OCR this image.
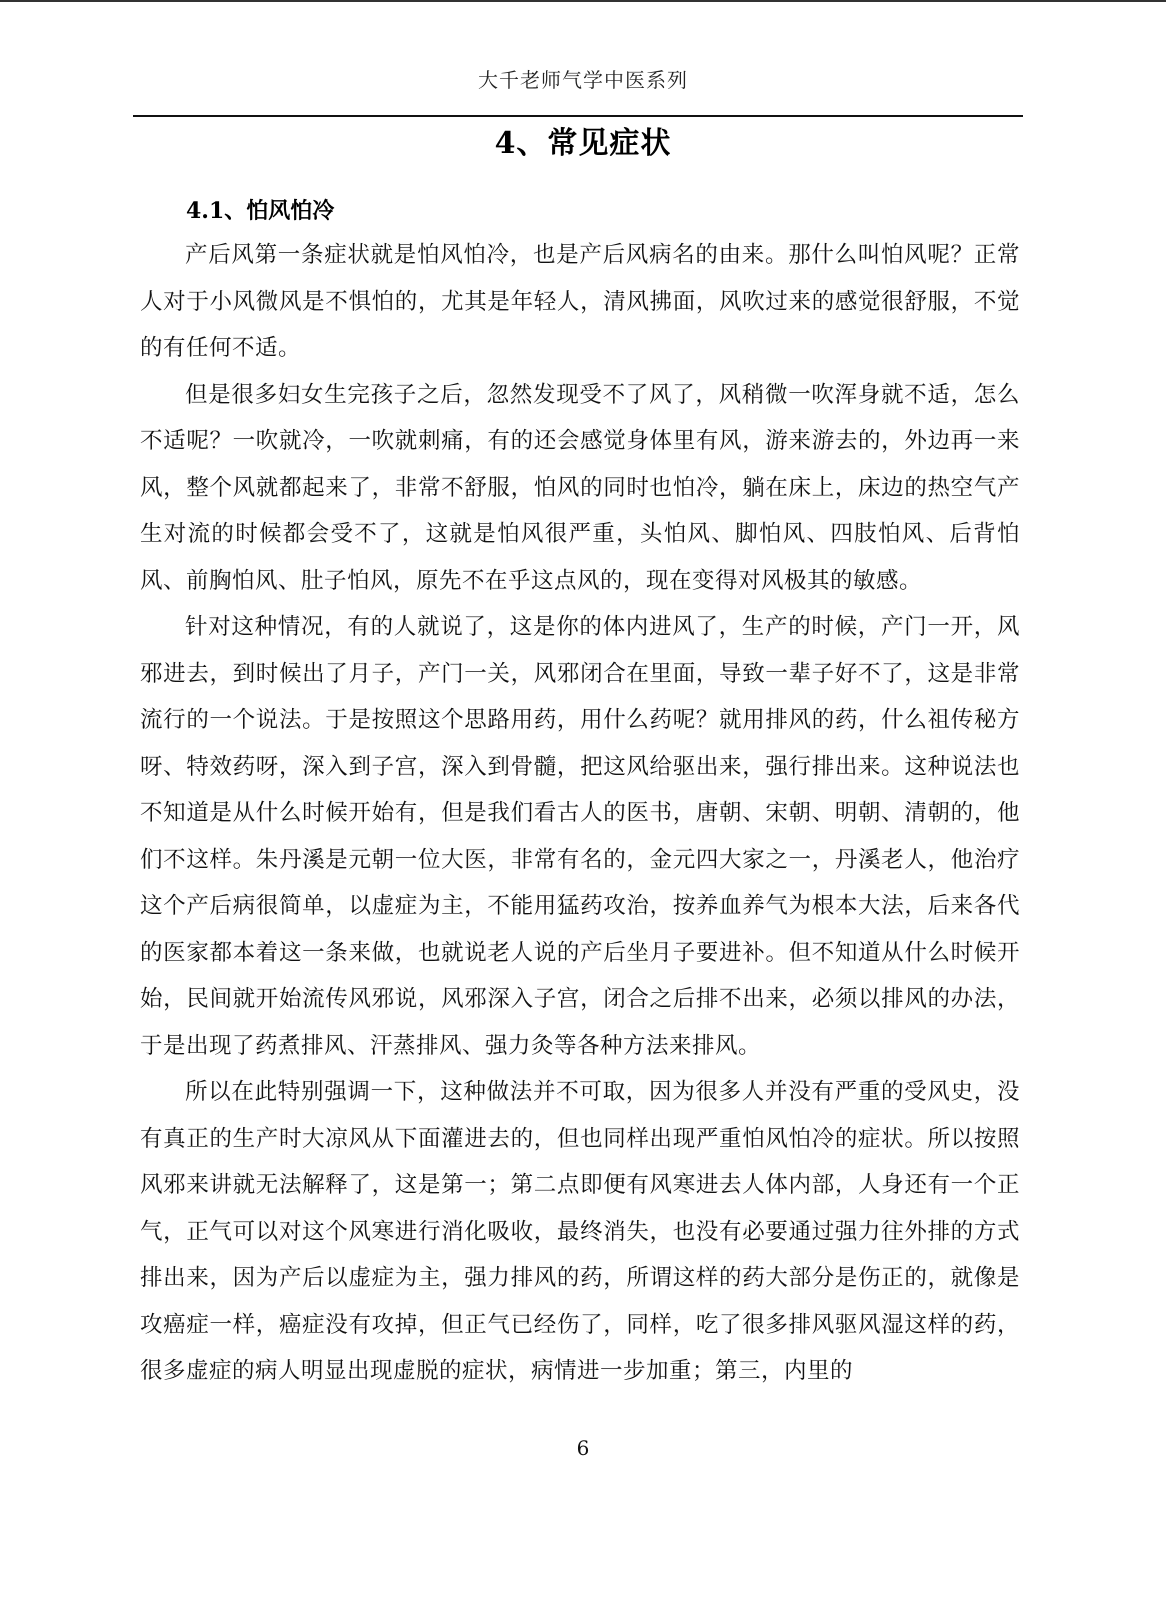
大千老师气学中医系列
4、常见症状
4.1、怕风怕冷

产后风第一条症状就是怕风怕冷，也是产后风病名的由来。那什么叫怕风呢？正常人对于小风微风是不惧怕的，尤其是年轻人，清风拂面，风吹过来的感觉很舒服，不觉的有任何不适。

但是很多妇女生完孩子之后，忽然发现受不了风了，风稍微一吹浑身就不适，怎么不适呢？一吹就冷，一吹就刺痛，有的还会感觉身体里有风，游来游去的，外边再一来风，整个风就都起来了，非常不舒服，怕风的同时也怕冷，躺在床上，床边的热空气产生对流的时候都会受不了，这就是怕风很严重，头怕风、脚怕风、四肢怕风、后背怕风、前胸怕风、肚子怕风，原先不在乎这点风的，现在变得对风极其的敏感。

针对这种情况，有的人就说了，这是你的体内进风了，生产的时候，产门一开，风邪进去，到时候出了月子，产门一关，风邪闭合在里面，导致一辈子好不了，这是非常流行的一个说法。于是按照这个思路用药，用什么药呢？就用排风的药，什么祖传秘方呀、特效药呀，深入到子宫，深入到骨髓，把这风给驱出来，强行排出来。这种说法也不知道是从什么时候开始有，但是我们看古人的医书，唐朝、宋朝、明朝、清朝的，他们不这样。朱丹溪是元朝一位大医，非常有名的，金元四大家之一，丹溪老人，他治疗这个产后病很简单，以虚症为主，不能用猛药攻治，按养血养气为根本大法，后来各代的医家都本着这一条来做，也就说老人说的产后坐月子要进补。但不知道从什么时候开始，民间就开始流传风邪说，风邪深入子宫，闭合之后排不出来，必须以排风的办法，于是出现了药煮排风、汗蒸排风、强力灸等各种方法来排风。

所以在此特别强调一下，这种做法并不可取，因为很多人并没有严重的受风史，没有真正的生产时大凉风从下面灌进去的，但也同样出现严重怕风怕冷的症状。所以按照风邪来讲就无法解释了，这是第一；第二点即便有风寒进去人体内部，人身还有一个正气，正气可以对这个风寒进行消化吸收，最终消失，也没有必要通过强力往外排的方式排出来，因为产后以虚症为主，强力排风的药，所谓这样的药大部分是伤正的，就像是攻癌症一样，癌症没有攻掉，但正气已经伤了，同样，吃了很多排风驱风湿这样的药，很多虚症的病人明显出现虚脱的症状，病情进一步加重；第三，内里的

6
